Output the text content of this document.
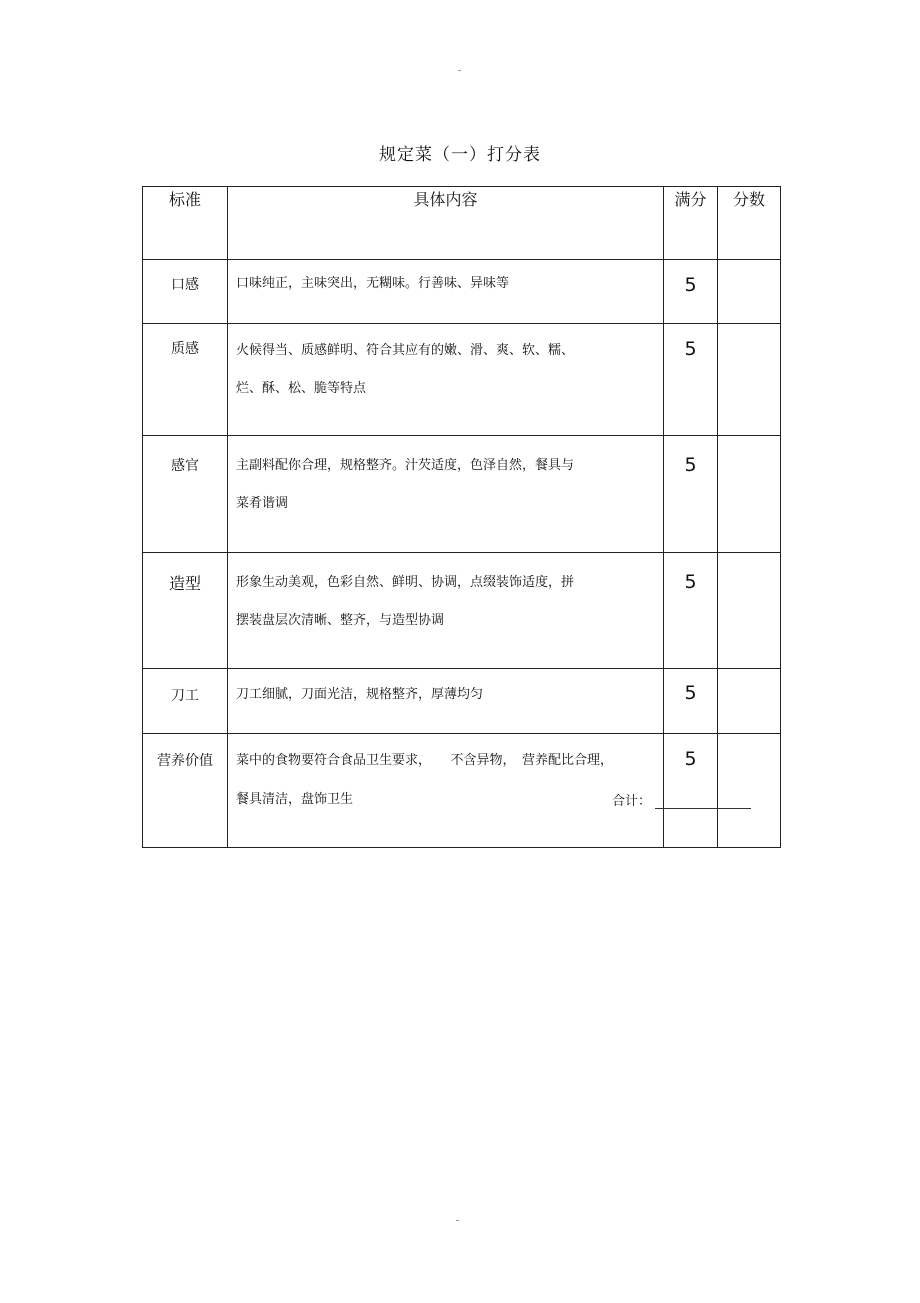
规定菜（一）打分表
标准	具体内容	满分	分数

口感	口味纯正，主味突出，无糊味。行善味、异味等	5	

质感	火候得当、质感鲜明、符合其应有的嫩、滑、爽、软、糯、
烂、酥、松、脆等特点	5	

感官	主副料配你合理，规格整齐。汁芡适度，色泽自然，餐具与
菜肴谐调	5	

造型	形象生动美观，色彩自然、鲜明、协调，点缀装饰适度，拼
摆装盘层次清晰、整齐，与造型协调	5	

刀工	刀工细腻，刀面光洁，规格整齐，厚薄均匀	5	

营养价值	菜中的食物要符合食品卫生要求，　　不含异物，　营养配比合理，
餐具清洁，盘饰卫生	5	
合计：
